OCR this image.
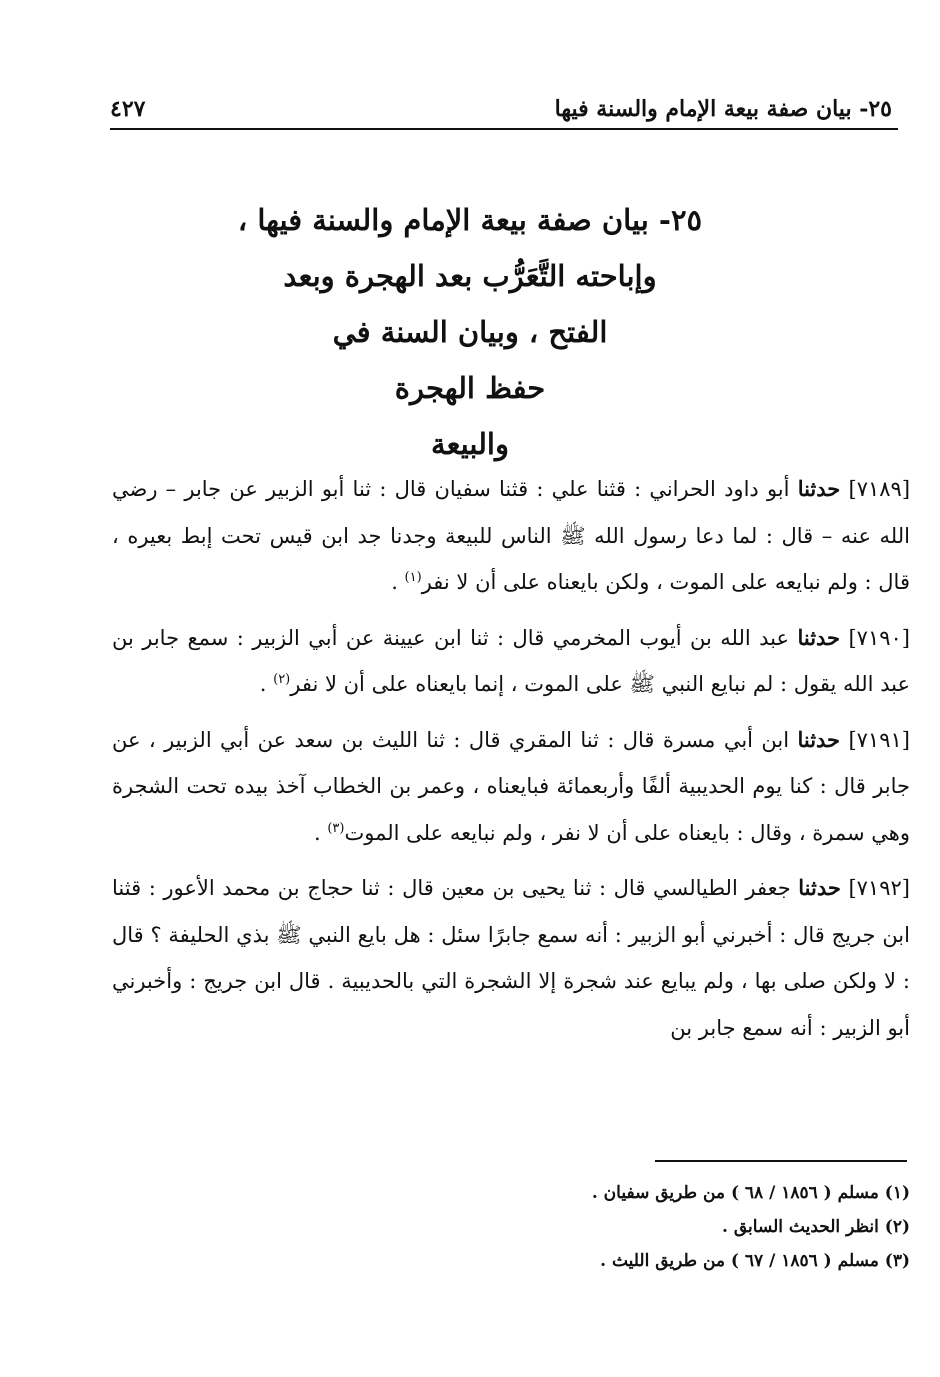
٢٥- بيان صفة بيعة الإمام والسنة فيها
٤٢٧
٢٥- بيان صفة بيعة الإمام والسنة فيها ،
وإباحته التَّعَرُّب بعد الهجرة وبعد
الفتح ، وبيان السنة في
حفظ الهجرة
والبيعة

[٧١٨٩] حدثنا أبو داود الحراني : قثنا علي : قثنا سفيان قال : ثنا أبو الزبير عن جابر – رضي الله عنه – قال : لما دعا رسول الله ﷺ الناس للبيعة وجدنا جد ابن قيس تحت إبط بعيره ، قال : ولم نبايعه على الموت ، ولكن بايعناه على أن لا نفر$^{(١)}$ .

[٧١٩٠] حدثنا عبد الله بن أيوب المخرمي قال : ثنا ابن عيينة عن أبي الزبير : سمع جابر بن عبد الله يقول : لم نبايع النبي ﷺ على الموت ، إنما بايعناه على أن لا نفر$^{(٢)}$ .

[٧١٩١] حدثنا ابن أبي مسرة قال : ثنا المقري قال : ثنا الليث بن سعد عن أبي الزبير ، عن جابر قال : كنا يوم الحديبية ألفًا وأربعمائة فبايعناه ، وعمر بن الخطاب آخذ بيده تحت الشجرة وهي سمرة ، وقال : بايعناه على أن لا نفر ، ولم نبايعه على الموت$^{(٣)}$ .

[٧١٩٢] حدثنا جعفر الطيالسي قال : ثنا يحيى بن معين قال : ثنا حجاج بن محمد الأعور : قثنا ابن جريج قال : أخبرني أبو الزبير : أنه سمع جابرًا سئل : هل بايع النبي ﷺ بذي الحليفة ؟ قال : لا ولكن صلى بها ، ولم يبايع عند شجرة إلا الشجرة التي بالحديبية . قال ابن جريج : وأخبرني أبو الزبير : أنه سمع جابر بن

(١) مسلم ( ١٨٥٦ / ٦٨ ) من طريق سفيان .
(٢) انظر الحديث السابق .
(٣) مسلم ( ١٨٥٦ / ٦٧ ) من طريق الليث .
